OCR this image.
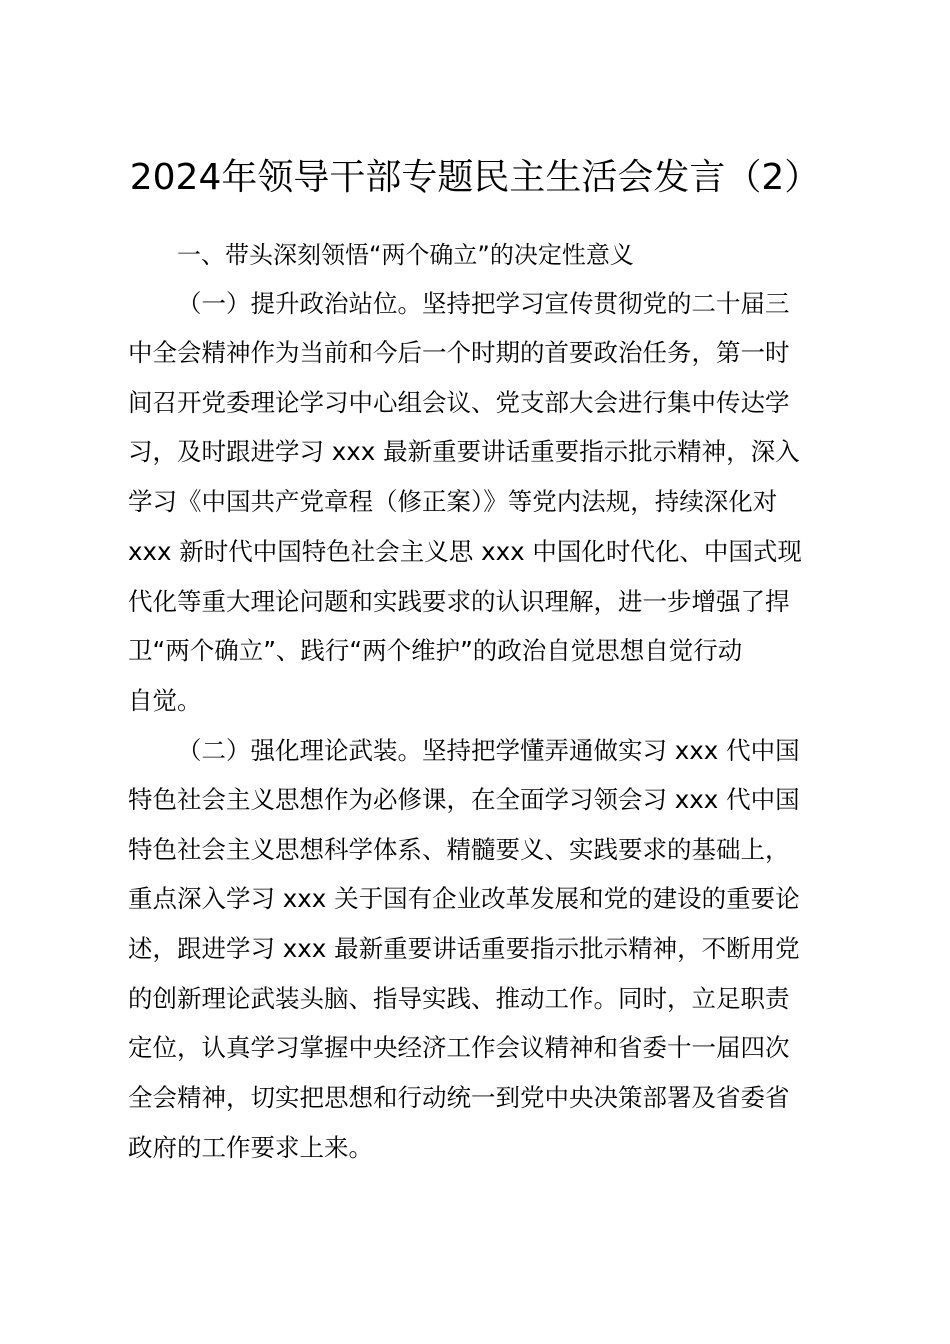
2024年领导干部专题民主生活会发言（2）
一、带头深刻领悟“两个确立”的决定性意义

（一）提升政治站位。坚持把学习宣传贯彻党的二十届三

中全会精神作为当前和今后一个时期的首要政治任务，第一时

间召开党委理论学习中心组会议、党支部大会进行集中传达学

习，及时跟进学习 xxx 最新重要讲话重要指示批示精神，深入

学习《中国共产党章程（修正案）》等党内法规，持续深化对

xxx 新时代中国特色社会主义思 xxx 中国化时代化、中国式现

代化等重大理论问题和实践要求的认识理解，进一步增强了捍

卫“两个确立”、践行“两个维护”的政治自觉思想自觉行动

自觉。

（二）强化理论武装。坚持把学懂弄通做实习 xxx 代中国

特色社会主义思想作为必修课，在全面学习领会习 xxx 代中国

特色社会主义思想科学体系、精髓要义、实践要求的基础上，

重点深入学习 xxx 关于国有企业改革发展和党的建设的重要论

述，跟进学习 xxx 最新重要讲话重要指示批示精神，不断用党

的创新理论武装头脑、指导实践、推动工作。同时，立足职责

定位，认真学习掌握中央经济工作会议精神和省委十一届四次

全会精神，切实把思想和行动统一到党中央决策部署及省委省

政府的工作要求上来。
